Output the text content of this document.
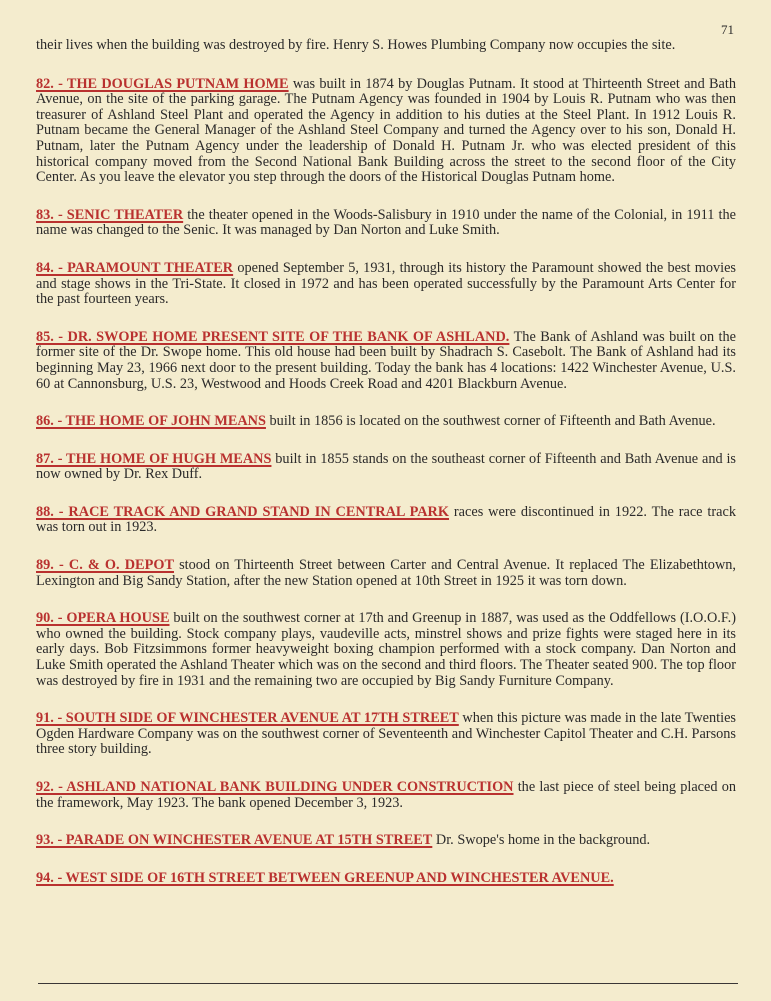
71

their lives when the building was destroyed by fire. Henry S. Howes Plumbing Company now occupies the site.

82. - THE DOUGLAS PUTNAM HOME was built in 1874 by Douglas Putnam. It stood at Thirteenth Street and Bath Avenue, on the site of the parking garage. The Putnam Agency was founded in 1904 by Louis R. Putnam who was then treasurer of Ashland Steel Plant and operated the Agency in addition to his duties at the Steel Plant. In 1912 Louis R. Putnam became the General Manager of the Ashland Steel Company and turned the Agency over to his son, Donald H. Putnam, later the Putnam Agency under the leadership of Donald H. Putnam Jr. who was elected president of this historical company moved from the Second National Bank Building across the street to the second floor of the City Center. As you leave the elevator you step through the doors of the Historical Douglas Putnam home.

83. - SENIC THEATER the theater opened in the Woods-Salisbury in 1910 under the name of the Colonial, in 1911 the name was changed to the Senic. It was managed by Dan Norton and Luke Smith.

84. - PARAMOUNT THEATER opened September 5, 1931, through its history the Paramount showed the best movies and stage shows in the Tri-State. It closed in 1972 and has been operated successfully by the Paramount Arts Center for the past fourteen years.

85. - DR. SWOPE HOME PRESENT SITE OF THE BANK OF ASHLAND. The Bank of Ashland was built on the former site of the Dr. Swope home. This old house had been built by Shadrach S. Casebolt. The Bank of Ashland had its beginning May 23, 1966 next door to the present building. Today the bank has 4 locations: 1422 Winchester Avenue, U.S. 60 at Cannonsburg, U.S. 23, Westwood and Hoods Creek Road and 4201 Blackburn Avenue.

86. - THE HOME OF JOHN MEANS built in 1856 is located on the southwest corner of Fifteenth and Bath Avenue.

87. - THE HOME OF HUGH MEANS built in 1855 stands on the southeast corner of Fifteenth and Bath Avenue and is now owned by Dr. Rex Duff.

88. - RACE TRACK AND GRAND STAND IN CENTRAL PARK races were discontinued in 1922. The race track was torn out in 1923.

89. - C. & O. DEPOT stood on Thirteenth Street between Carter and Central Avenue. It replaced The Elizabethtown, Lexington and Big Sandy Station, after the new Station opened at 10th Street in 1925 it was torn down.

90. - OPERA HOUSE built on the southwest corner at 17th and Greenup in 1887, was used as the Oddfellows (I.O.O.F.) who owned the building. Stock company plays, vaudeville acts, minstrel shows and prize fights were staged here in its early days. Bob Fitzsimmons former heavyweight boxing champion performed with a stock company. Dan Norton and Luke Smith operated the Ashland Theater which was on the second and third floors. The Theater seated 900. The top floor was destroyed by fire in 1931 and the remaining two are occupied by Big Sandy Furniture Company.

91. - SOUTH SIDE OF WINCHESTER AVENUE AT 17TH STREET when this picture was made in the late Twenties Ogden Hardware Company was on the southwest corner of Seventeenth and Winchester Capitol Theater and C.H. Parsons three story building.

92. - ASHLAND NATIONAL BANK BUILDING UNDER CONSTRUCTION the last piece of steel being placed on the framework, May 1923. The bank opened December 3, 1923.

93. - PARADE ON WINCHESTER AVENUE AT 15TH STREET Dr. Swope's home in the background.

94. - WEST SIDE OF 16TH STREET BETWEEN GREENUP AND WINCHESTER AVENUE.
